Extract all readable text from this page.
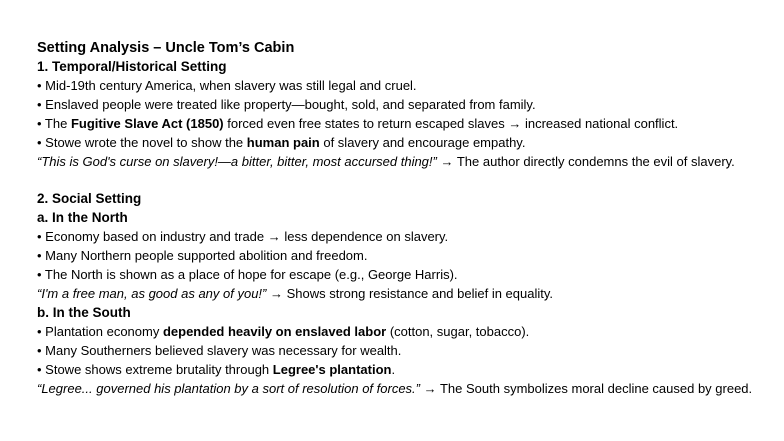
Setting Analysis – Uncle Tom’s Cabin
1. Temporal/Historical Setting
• Mid-19th century America, when slavery was still legal and cruel.
• Enslaved people were treated like property—bought, sold, and separated from family.
• The Fugitive Slave Act (1850) forced even free states to return escaped slaves → increased national conflict.
• Stowe wrote the novel to show the human pain of slavery and encourage empathy.
“This is God's curse on slavery!—a bitter, bitter, most accursed thing!” → The author directly condemns the evil of slavery.
2. Social Setting
a. In the North
• Economy based on industry and trade → less dependence on slavery.
• Many Northern people supported abolition and freedom.
• The North is shown as a place of hope for escape (e.g., George Harris).
“I'm a free man, as good as any of you!” → Shows strong resistance and belief in equality.
b. In the South
• Plantation economy depended heavily on enslaved labor (cotton, sugar, tobacco).
• Many Southerners believed slavery was necessary for wealth.
• Stowe shows extreme brutality through Legree's plantation.
“Legree... governed his plantation by a sort of resolution of forces.” → The South symbolizes moral decline caused by greed.
